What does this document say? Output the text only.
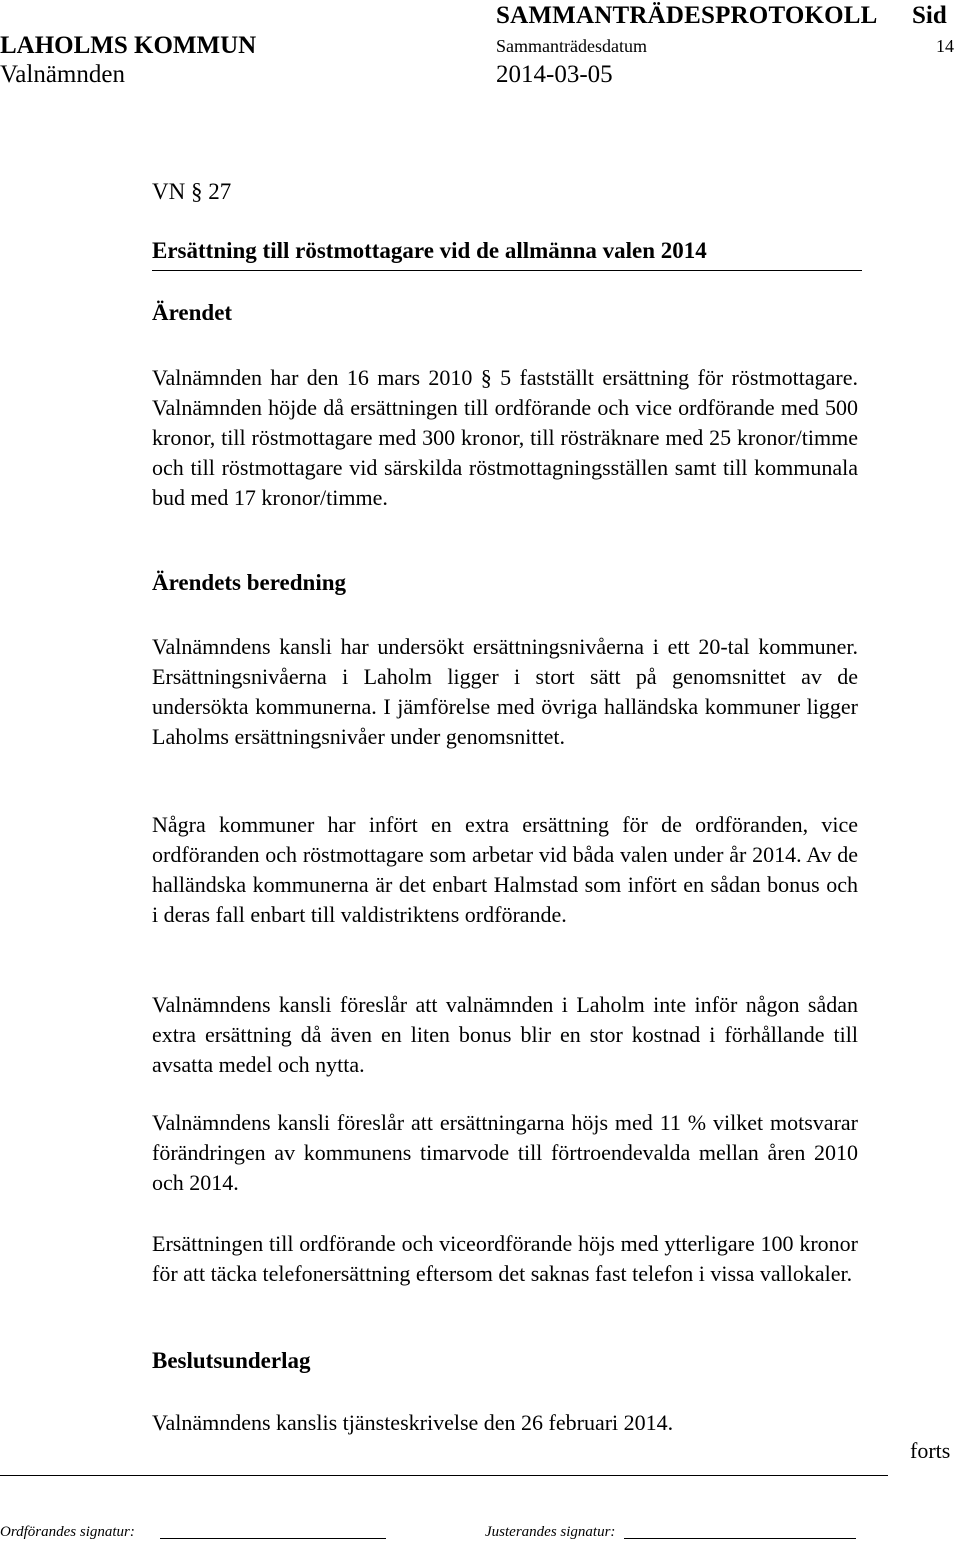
SAMMANTRÄDESPROTOKOLL Sid
LAHOLMS KOMMUN	Sammanträdesdatum	14
Valnämnden	2014-03-05
VN § 27
Ersättning till röstmottagare vid de allmänna valen 2014
Ärendet
Valnämnden har den 16 mars 2010 § 5 fastställt ersättning för röstmottagare. Valnämnden höjde då ersättningen till ordförande och vice ordförande med 500 kronor, till röstmottagare med 300 kronor, till rösträknare med 25 kronor/timme och till röstmottagare vid särskilda röstmottagningsställen samt till kommunala bud med 17 kronor/timme.
Ärendets beredning
Valnämndens kansli har undersökt ersättningsnivåerna i ett 20-tal kommuner. Ersättningsnivåerna i Laholm ligger i stort sätt på genomsnittet av de undersökta kommunerna. I jämförelse med övriga halländska kommuner ligger Laholms ersättningsnivåer under genomsnittet.
Några kommuner har infört en extra ersättning för de ordföranden, vice ordföranden och röstmottagare som arbetar vid båda valen under år 2014. Av de halländska kommunerna är det enbart Halmstad som infört en sådan bonus och i deras fall enbart till valdistriktens ordförande.
Valnämndens kansli föreslår att valnämnden i Laholm inte inför någon sådan extra ersättning då även en liten bonus blir en stor kostnad i förhållande till avsatta medel och nytta.
Valnämndens kansli föreslår att ersättningarna höjs med 11 % vilket motsvarar förändringen av kommunens timarvode till förtroendevalda mellan åren 2010 och 2014.
Ersättningen till ordförande och viceordförande höjs med ytterligare 100 kronor för att täcka telefonersättning eftersom det saknas fast telefon i vissa vallokaler.
Beslutsunderlag
Valnämndens kanslis tjänsteskrivelse den 26 februari 2014.
forts
Ordförandes signatur:	Justerandes signatur:
